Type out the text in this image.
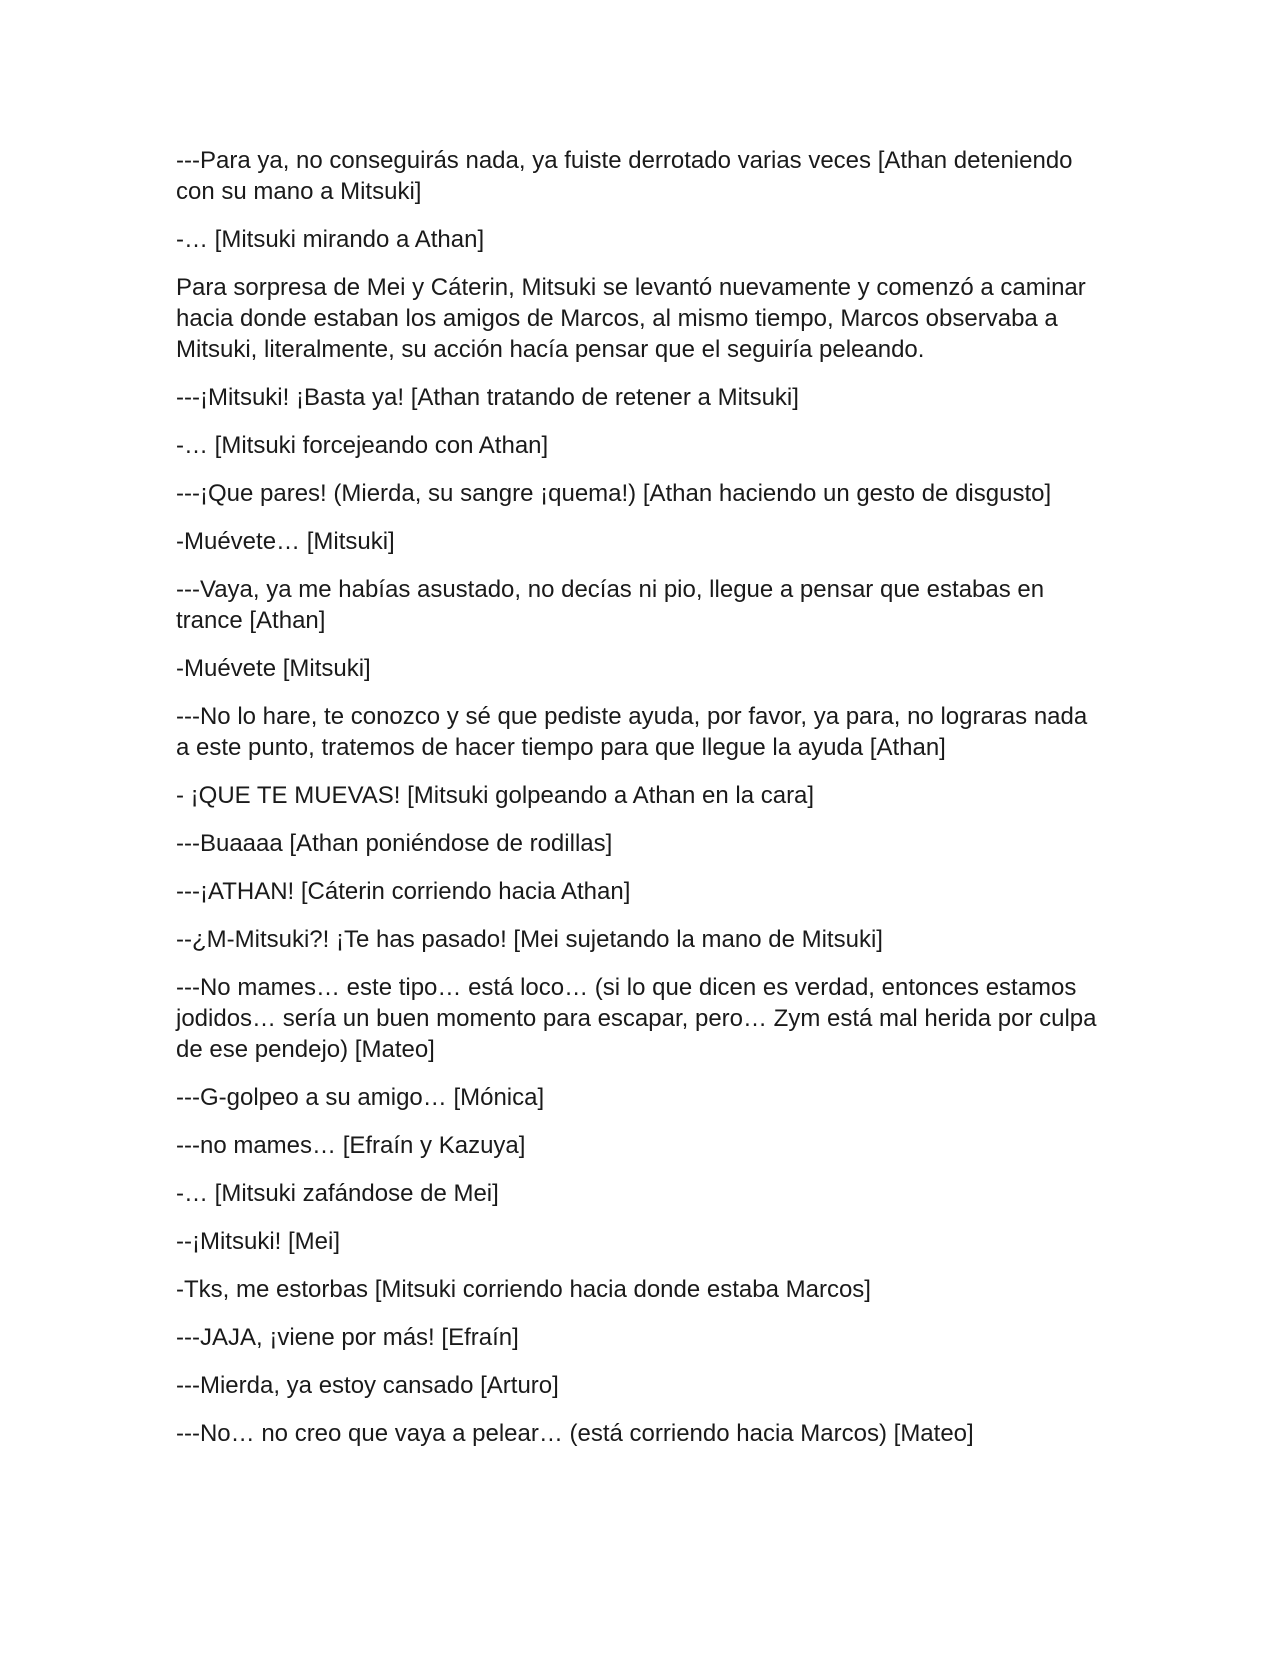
---Para ya, no conseguirás nada, ya fuiste derrotado varias veces [Athan deteniendo con su mano a Mitsuki]

-… [Mitsuki mirando a Athan]

Para sorpresa de Mei y Cáterin, Mitsuki se levantó nuevamente y comenzó a caminar hacia donde estaban los amigos de Marcos, al mismo tiempo, Marcos observaba a Mitsuki, literalmente, su acción hacía pensar que el seguiría peleando.

---¡Mitsuki! ¡Basta ya! [Athan tratando de retener a Mitsuki]

-… [Mitsuki forcejeando con Athan]

---¡Que pares! (Mierda, su sangre ¡quema!) [Athan haciendo un gesto de disgusto]

-Muévete… [Mitsuki]

---Vaya, ya me habías asustado, no decías ni pio, llegue a pensar que estabas en trance [Athan]

-Muévete [Mitsuki]

---No lo hare, te conozco y sé que pediste ayuda, por favor, ya para, no lograras nada a este punto, tratemos de hacer tiempo para que llegue la ayuda [Athan]

- ¡QUE TE MUEVAS! [Mitsuki golpeando a Athan en la cara]

---Buaaaa [Athan poniéndose de rodillas]

---¡ATHAN! [Cáterin corriendo hacia Athan]

--¿M-Mitsuki?! ¡Te has pasado! [Mei sujetando la mano de Mitsuki]

---No mames… este tipo… está loco… (si lo que dicen es verdad, entonces estamos jodidos… sería un buen momento para escapar, pero… Zym está mal herida por culpa de ese pendejo) [Mateo]

---G-golpeo a su amigo… [Mónica]

---no mames… [Efraín y Kazuya]

-… [Mitsuki zafándose de Mei]

--¡Mitsuki! [Mei]

-Tks, me estorbas [Mitsuki corriendo hacia donde estaba Marcos]

---JAJA, ¡viene por más! [Efraín]

---Mierda, ya estoy cansado [Arturo]

---No… no creo que vaya a pelear… (está corriendo hacia Marcos) [Mateo]
